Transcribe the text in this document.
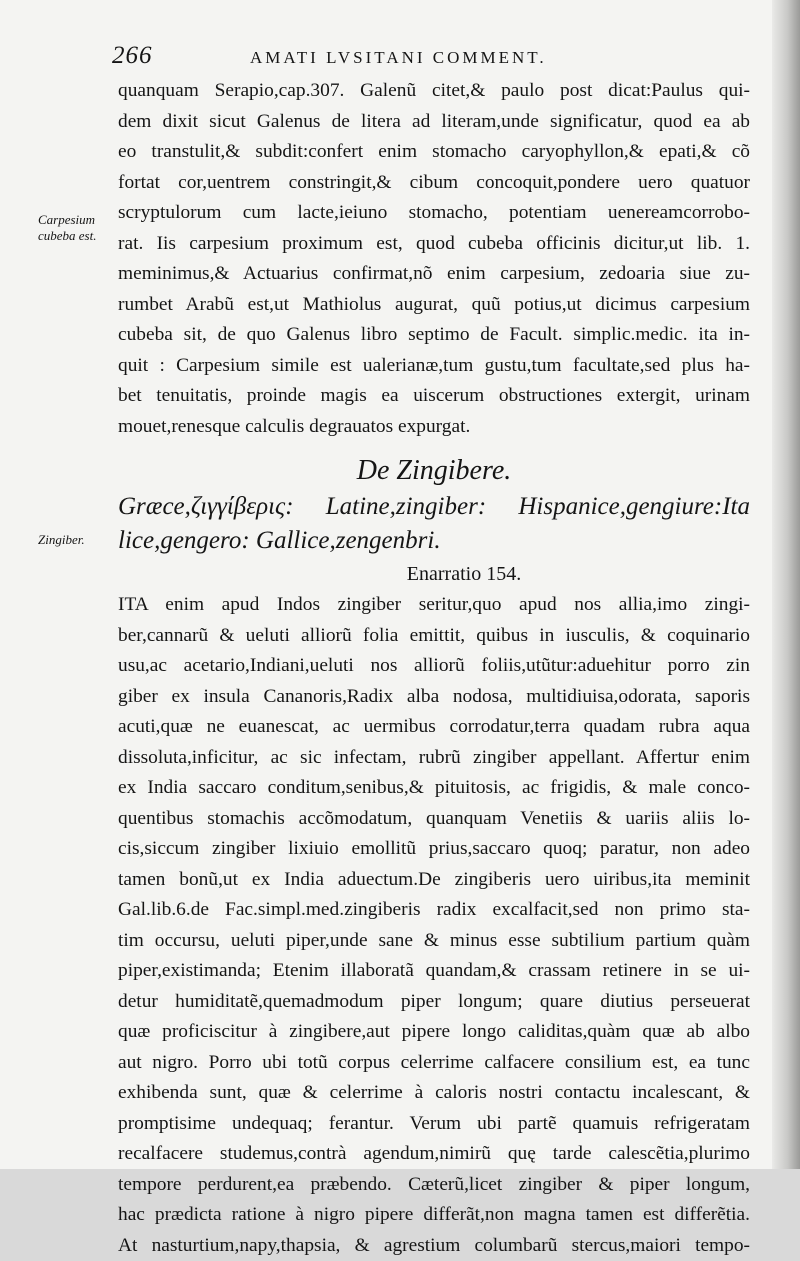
266	AMATI LVSITANI COMMENT.
Carpesium
cubeba est.
Zingiber.
quanquam Serapio,cap.307. Galenũ citet,& paulo post dicat:Paulus qui-
dem dixit sicut Galenus de litera ad literam,unde significatur, quod ea ab
eo transtulit,& subdit:confert enim stomacho caryophyllon,& epati,& cõ
fortat cor,uentrem constringit,& cibum concoquit,pondere uero quatuor
scryptulorum cum lacte,ieiuno stomacho, potentiam uenereamcorrobo-
rat. Iis carpesium proximum est, quod cubeba officinis dicitur,ut lib. 1.
meminimus,& Actuarius confirmat,nõ enim carpesium, zedoaria siue zu-
rumbet Arabũ est,ut Mathiolus augurat, quũ potius,ut dicimus carpesium
cubeba sit, de quo Galenus libro septimo de Facult. simplic.medic. ita in-
quit : Carpesium simile est ualerianæ,tum gustu,tum facultate,sed plus ha-
bet tenuitatis, proinde magis ea uiscerum obstructiones extergit, urinam
mouet,renesque calculis degrauatos expurgat.
De Zingibere.
Græce,ζιγγίβερις: Latine,zingiber: Hispanice,gengiure:Ita
lice,gengero: Gallice,zengenbri.
Enarratio 154.
ITA enim apud Indos zingiber seritur,quo apud nos allia,imo zingi-
ber,cannarũ & ueluti alliorũ folia emittit, quibus in iusculis, & coquinario
usu,ac acetario,Indiani,ueluti nos alliorũ foliis,utũtur:aduehitur porro zin
giber ex insula Cananoris,Radix alba nodosa, multidiuisa,odorata, saporis
acuti,quæ ne euanescat, ac uermibus corrodatur,terra quadam rubra aqua
dissoluta,inficitur, ac sic infectam, rubrũ zingiber appellant. Affertur enim
ex India saccaro conditum,senibus,& pituitosis, ac frigidis, & male conco-
quentibus stomachis accõmodatum, quanquam Venetiis & uariis aliis lo-
cis,siccum zingiber lixiuio emollitũ prius,saccaro quoq; paratur, non adeo
tamen bonũ,ut ex India aduectum.De zingiberis uero uiribus,ita meminit
Gal.lib.6.de Fac.simpl.med.zingiberis radix excalfacit,sed non primo sta-
tim occursu, ueluti piper,unde sane & minus esse subtilium partium quàm
piper,existimanda; Etenim illaboratã quandam,& crassam retinere in se ui-
detur humiditatẽ,quemadmodum piper longum; quare diutius perseuerat
quæ proficiscitur à zingibere,aut pipere longo caliditas,quàm quæ ab albo
aut nigro. Porro ubi totũ corpus celerrime calfacere consilium est, ea tunc
exhibenda sunt, quæ & celerrime à caloris nostri contactu incalescant, &
promptisime undequaq; ferantur. Verum ubi partẽ quamuis refrigeratam
recalfacere studemus,contrà agendum,nimirũ quę tarde calescẽtia,plurimo
tempore perdurent,ea præbendo. Cæterũ,licet zingiber & piper longum,
hac prædicta ratione à nigro pipere differãt,non magna tamen est differẽtia.
At nasturtium,napy,thapsia, & agrestium columbarũ stercus,maiori tempo-
